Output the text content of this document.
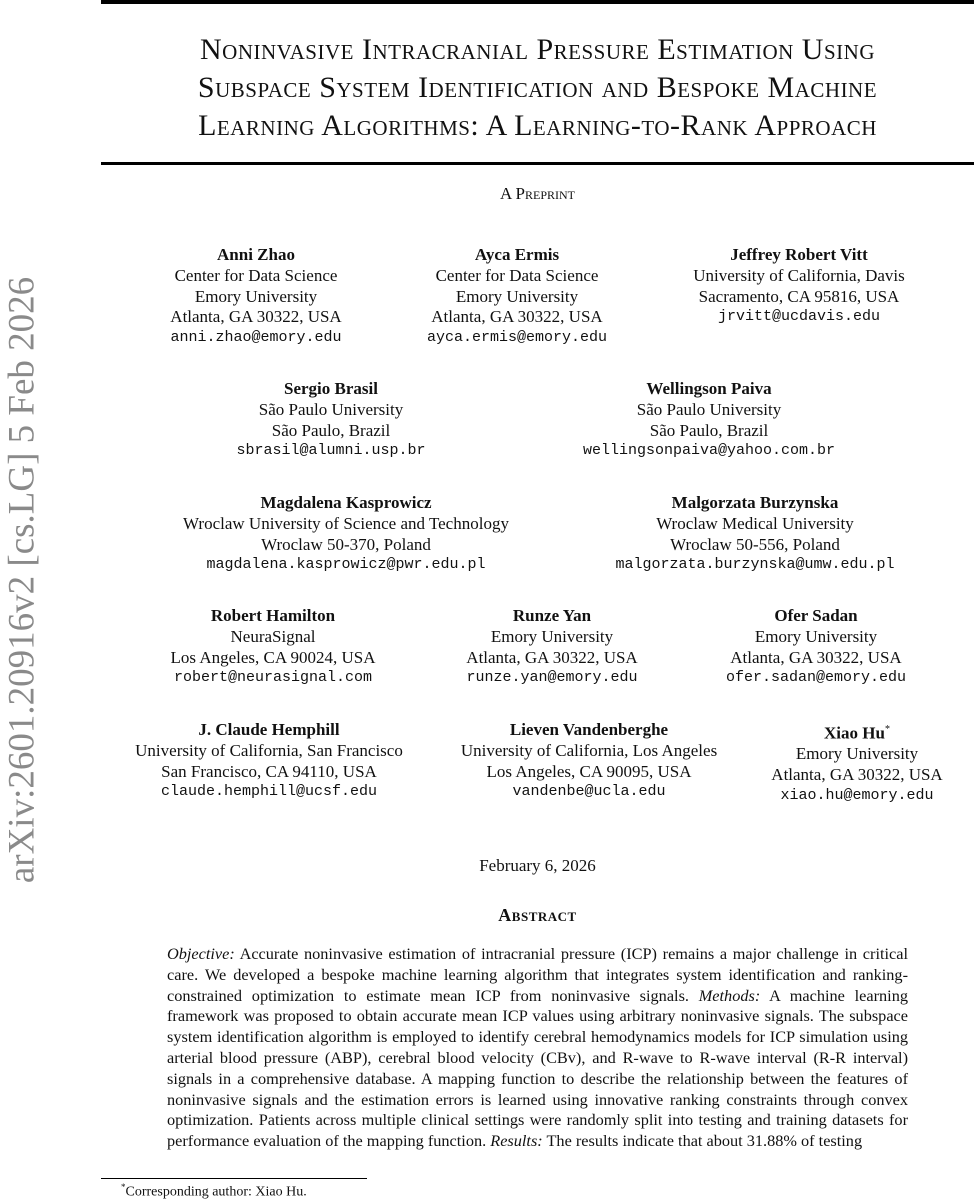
arXiv:2601.20916v2 [cs.LG] 5 Feb 2026
Noninvasive Intracranial Pressure Estimation Using
Subspace System Identification and Bespoke Machine
Learning Algorithms: A Learning-to-Rank Approach
A Preprint
Anni Zhao
Center for Data Science
Emory University
Atlanta, GA 30322, USA
anni.zhao@emory.edu
Ayca Ermis
Center for Data Science
Emory University
Atlanta, GA 30322, USA
ayca.ermis@emory.edu
Jeffrey Robert Vitt
University of California, Davis
Sacramento, CA 95816, USA
jrvitt@ucdavis.edu
Sergio Brasil
São Paulo University
São Paulo, Brazil
sbrasil@alumni.usp.br
Wellingson Paiva
São Paulo University
São Paulo, Brazil
wellingsonpaiva@yahoo.com.br
Magdalena Kasprowicz
Wroclaw University of Science and Technology
Wroclaw 50-370, Poland
magdalena.kasprowicz@pwr.edu.pl
Malgorzata Burzynska
Wroclaw Medical University
Wroclaw 50-556, Poland
malgorzata.burzynska@umw.edu.pl
Robert Hamilton
NeuraSignal
Los Angeles, CA 90024, USA
robert@neurasignal.com
Runze Yan
Emory University
Atlanta, GA 30322, USA
runze.yan@emory.edu
Ofer Sadan
Emory University
Atlanta, GA 30322, USA
ofer.sadan@emory.edu
J. Claude Hemphill
University of California, San Francisco
San Francisco, CA 94110, USA
claude.hemphill@ucsf.edu
Lieven Vandenberghe
University of California, Los Angeles
Los Angeles, CA 90095, USA
vandenbe@ucla.edu
Xiao Hu*
Emory University
Atlanta, GA 30322, USA
xiao.hu@emory.edu
February 6, 2026
Abstract
Objective: Accurate noninvasive estimation of intracranial pressure (ICP) remains a major challenge in critical care. We developed a bespoke machine learning algorithm that integrates system identification and ranking-constrained optimization to estimate mean ICP from noninvasive signals. Methods: A machine learning framework was proposed to obtain accurate mean ICP values using arbitrary noninvasive signals. The subspace system identification algorithm is employed to identify cerebral hemodynamics models for ICP simulation using arterial blood pressure (ABP), cerebral blood velocity (CBv), and R-wave to R-wave interval (R-R interval) signals in a comprehensive database. A mapping function to describe the relationship between the features of noninvasive signals and the estimation errors is learned using innovative ranking constraints through convex optimization. Patients across multiple clinical settings were randomly split into testing and training datasets for performance evaluation of the mapping function. Results: The results indicate that about 31.88% of testing
*Corresponding author: Xiao Hu.
